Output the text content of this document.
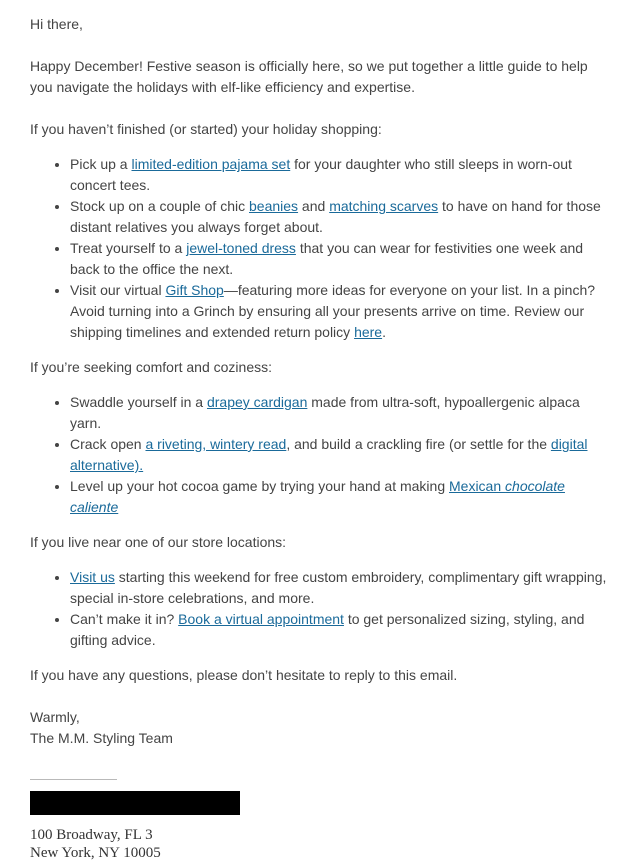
Hi there,

Happy December! Festive season is officially here, so we put together a little guide to help you navigate the holidays with elf-like efficiency and expertise.

If you haven’t finished (or started) your holiday shopping:

• Pick up a limited-edition pajama set for your daughter who still sleeps in worn-out concert tees.
• Stock up on a couple of chic beanies and matching scarves to have on hand for those distant relatives you always forget about.
• Treat yourself to a jewel-toned dress that you can wear for festivities one week and back to the office the next.
• Visit our virtual Gift Shop—featuring more ideas for everyone on your list. In a pinch? Avoid turning into a Grinch by ensuring all your presents arrive on time. Review our shipping timelines and extended return policy here.

If you’re seeking comfort and coziness:

• Swaddle yourself in a drapey cardigan made from ultra-soft, hypoallergenic alpaca yarn.
• Crack open a riveting, wintery read, and build a crackling fire (or settle for the digital alternative).
• Level up your hot cocoa game by trying your hand at making Mexican chocolate caliente

If you live near one of our store locations:

• Visit us starting this weekend for free custom embroidery, complimentary gift wrapping, special in-store celebrations, and more.
• Can’t make it in? Book a virtual appointment to get personalized sizing, styling, and gifting advice.

If you have any questions, please don’t hesitate to reply to this email.

Warmly,
The M.M. Styling Team

100 Broadway, FL 3
New York, NY 10005
